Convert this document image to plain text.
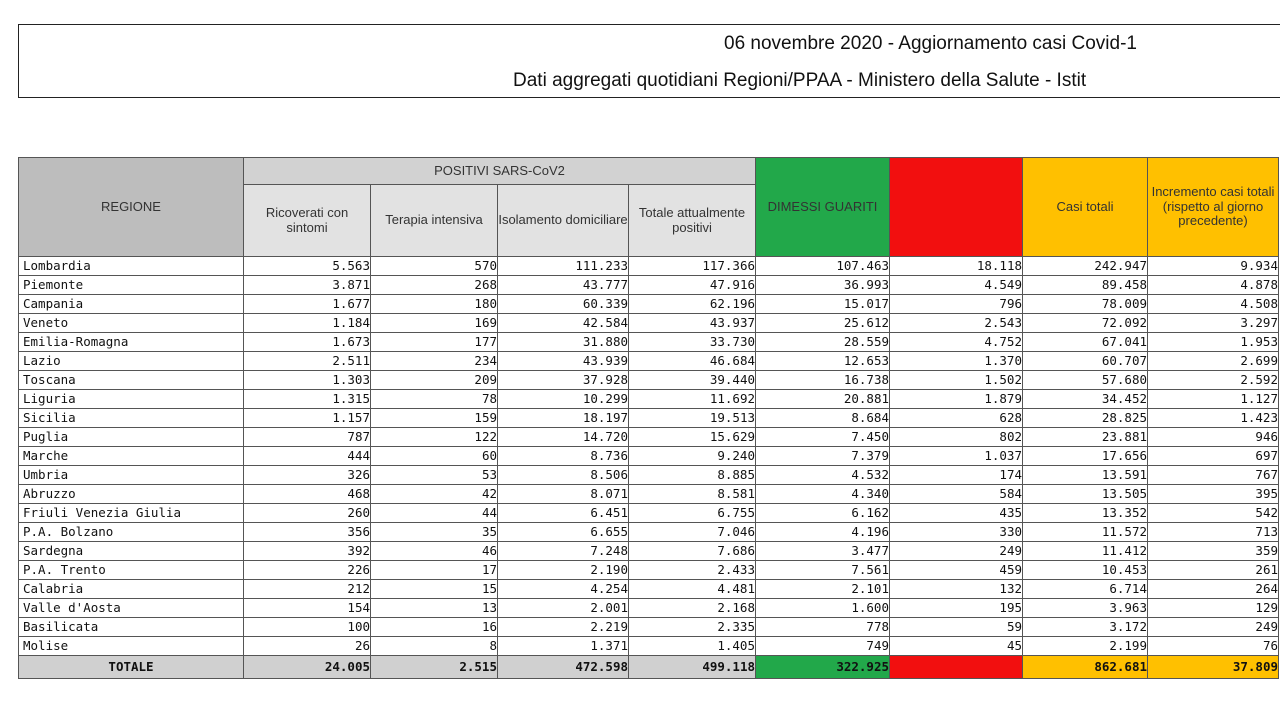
06 novembre 2020 - Aggiornamento casi Covid-1
Dati aggregati quotidiani Regioni/PPAA - Ministero della Salute - Istit
REGIONE	POSITIVI SARS-CoV2				DIMESSI GUARITI		Casi totali	Incremento casi totali (rispetto al giorno precedente)
	Ricoverati con sintomi	Terapia intensiva	Isolamento domiciliare	Totale attualmente positivi				
Lombardia	5.563	570	111.233	117.366	107.463	18.118	242.947	9.934
Piemonte	3.871	268	43.777	47.916	36.993	4.549	89.458	4.878
Campania	1.677	180	60.339	62.196	15.017	796	78.009	4.508
Veneto	1.184	169	42.584	43.937	25.612	2.543	72.092	3.297
Emilia-Romagna	1.673	177	31.880	33.730	28.559	4.752	67.041	1.953
Lazio	2.511	234	43.939	46.684	12.653	1.370	60.707	2.699
Toscana	1.303	209	37.928	39.440	16.738	1.502	57.680	2.592
Liguria	1.315	78	10.299	11.692	20.881	1.879	34.452	1.127
Sicilia	1.157	159	18.197	19.513	8.684	628	28.825	1.423
Puglia	787	122	14.720	15.629	7.450	802	23.881	946
Marche	444	60	8.736	9.240	7.379	1.037	17.656	697
Umbria	326	53	8.506	8.885	4.532	174	13.591	767
Abruzzo	468	42	8.071	8.581	4.340	584	13.505	395
Friuli Venezia Giulia	260	44	6.451	6.755	6.162	435	13.352	542
P.A. Bolzano	356	35	6.655	7.046	4.196	330	11.572	713
Sardegna	392	46	7.248	7.686	3.477	249	11.412	359
P.A. Trento	226	17	2.190	2.433	7.561	459	10.453	261
Calabria	212	15	4.254	4.481	2.101	132	6.714	264
Valle d'Aosta	154	13	2.001	2.168	1.600	195	3.963	129
Basilicata	100	16	2.219	2.335	778	59	3.172	249
Molise	26	8	1.371	1.405	749	45	2.199	76
TOTALE	24.005	2.515	472.598	499.118	322.925		862.681	37.809
